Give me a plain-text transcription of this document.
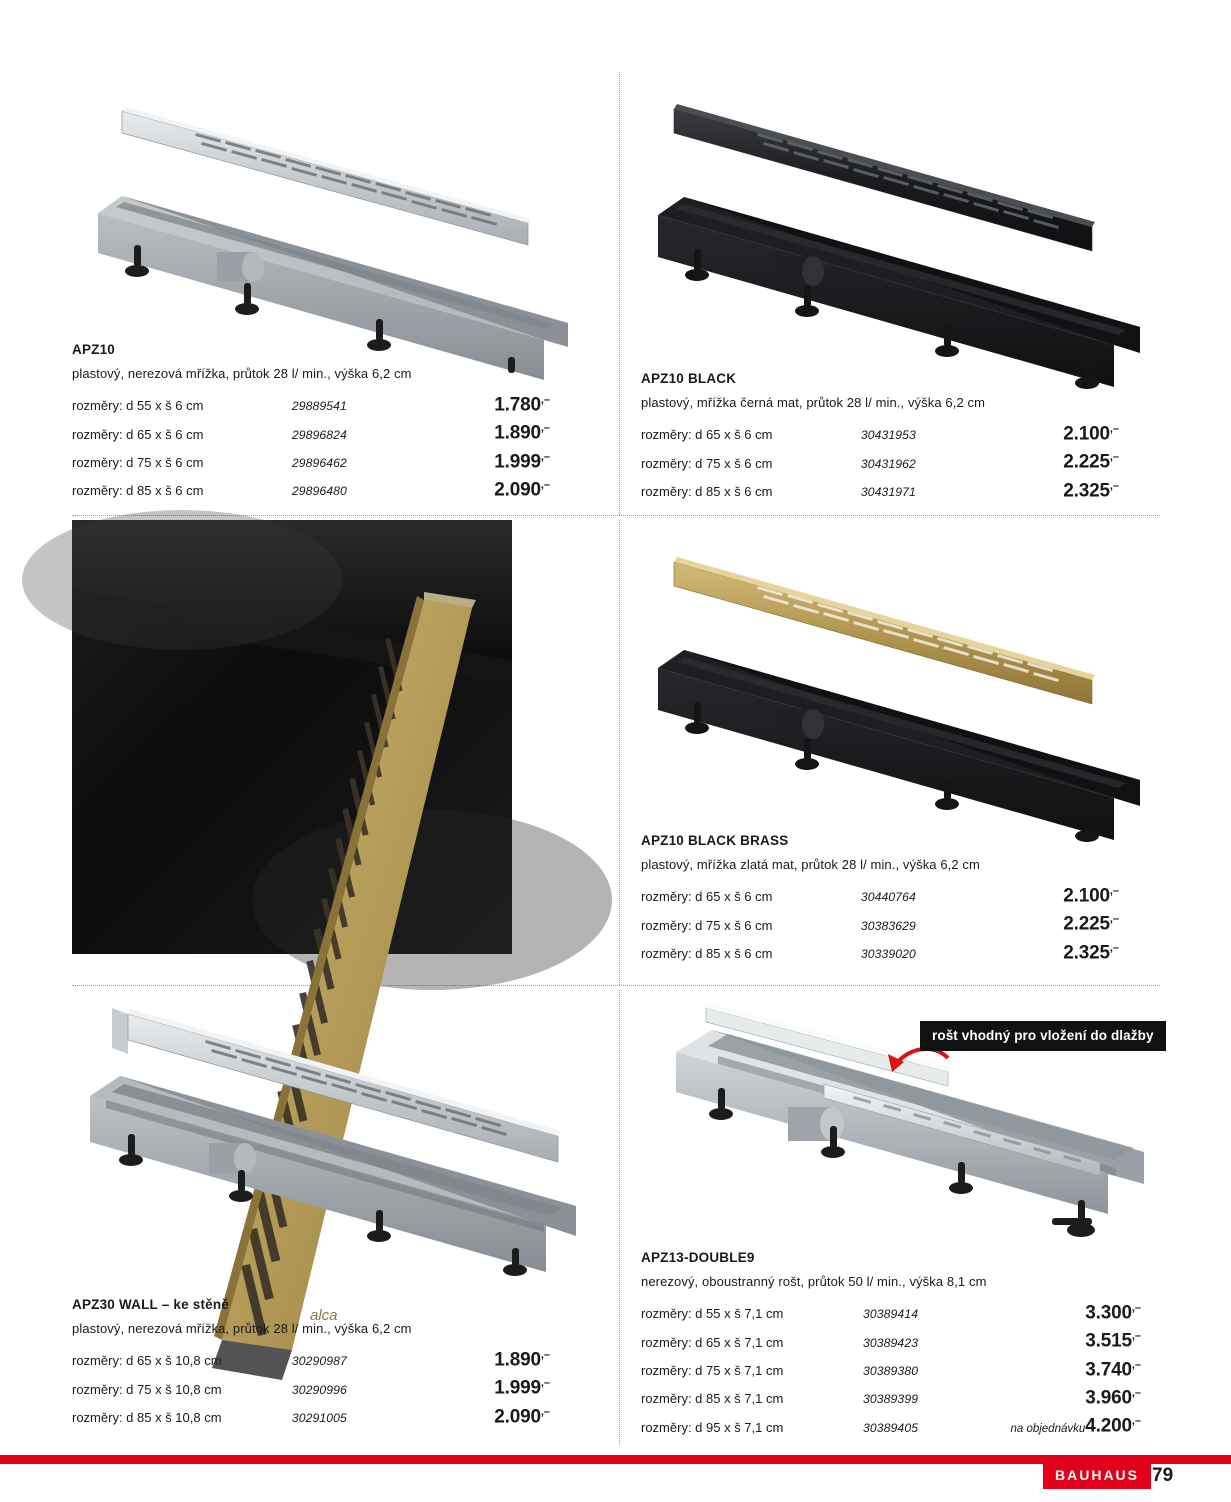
APZ10
plastový, nerezová mřížka, průtok 28 l/ min., výška 6,2 cm
rozměry: d 55 x š 6 cm	29889541	1.780,–
rozměry: d 65 x š 6 cm	29896824	1.890,–
rozměry: d 75 x š 6 cm	29896462	1.999,–
rozměry: d 85 x š 6 cm	29896480	2.090,–
APZ10 BLACK
plastový, mřížka černá mat, průtok 28 l/ min., výška 6,2 cm
rozměry: d 65 x š 6 cm	30431953	2.100,–
rozměry: d 75 x š 6 cm	30431962	2.225,–
rozměry: d 85 x š 6 cm	30431971	2.325,–
alca
APZ10 BLACK BRASS
plastový, mřížka zlatá mat, průtok 28 l/ min., výška 6,2 cm
rozměry: d 65 x š 6 cm	30440764	2.100,–
rozměry: d 75 x š 6 cm	30383629	2.225,–
rozměry: d 85 x š 6 cm	30339020	2.325,–
APZ30 WALL – ke stěně
plastový, nerezová mřížka, průtok 28 l/ min., výška 6,2 cm
rozměry: d 65 x š 10,8 cm	30290987	1.890,–
rozměry: d 75 x š 10,8 cm	30290996	1.999,–
rozměry: d 85 x š 10,8 cm	30291005	2.090,–
rošt vhodný pro vložení do dlažby
APZ13-DOUBLE9
nerezový, oboustranný rošt, průtok 50 l/ min., výška 8,1 cm
rozměry: d 55 x š 7,1 cm	30389414		3.300,–
rozměry: d 65 x š 7,1 cm	30389423		3.515,–
rozměry: d 75 x š 7,1 cm	30389380		3.740,–
rozměry: d 85 x š 7,1 cm	30389399		3.960,–
rozměry: d 95 x š 7,1 cm	30389405	na objednávku	4.200,–
BAUHAUS 79
